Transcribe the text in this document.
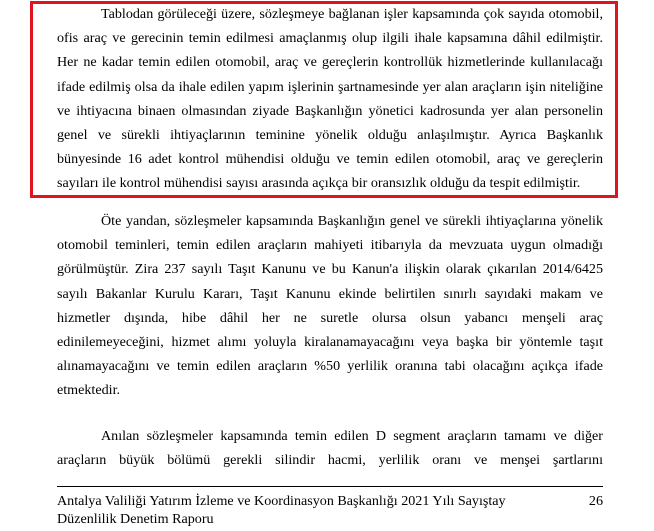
Tablodan görüleceği üzere, sözleşmeye bağlanan işler kapsamında çok sayıda otomobil,
ofis araç ve gerecinin temin edilmesi amaçlanmış olup ilgili ihale kapsamına dâhil edilmiştir.
Her ne kadar temin edilen otomobil, araç ve gereçlerin kontrollük hizmetlerinde kullanılacağı
ifade edilmiş olsa da ihale edilen yapım işlerinin şartnamesinde yer alan araçların işin niteliğine
ve ihtiyacına binaen olmasından ziyade Başkanlığın yönetici kadrosunda yer alan personelin
genel ve sürekli ihtiyaçlarının teminine yönelik olduğu anlaşılmıştır. Ayrıca Başkanlık
bünyesinde 16 adet kontrol mühendisi olduğu ve temin edilen otomobil, araç ve gereçlerin
sayıları ile kontrol mühendisi sayısı arasında açıkça bir oransızlık olduğu da tespit edilmiştir.
Öte yandan, sözleşmeler kapsamında Başkanlığın genel ve sürekli ihtiyaçlarına yönelik
otomobil teminleri, temin edilen araçların mahiyeti itibarıyla da mevzuata uygun olmadığı
görülmüştür. Zira 237 sayılı Taşıt Kanunu ve bu Kanun'a ilişkin olarak çıkarılan 2014/6425
sayılı Bakanlar Kurulu Kararı, Taşıt Kanunu ekinde belirtilen sınırlı sayıdaki makam ve
hizmetler dışında, hibe dâhil her ne suretle olursa olsun yabancı menşeli araç
edinilemeyeceğini, hizmet alımı yoluyla kiralanamayacağını veya başka bir yöntemle taşıt
alınamayacağını ve temin edilen araçların %50 yerlilik oranına tabi olacağını açıkça ifade
etmektedir.
Anılan sözleşmeler kapsamında temin edilen D segment araçların tamamı ve diğer
araçların büyük bölümü gerekli silindir hacmi, yerlilik oranı ve menşei şartlarını
Antalya Valiliği Yatırım İzleme ve Koordinasyon Başkanlığı 2021 Yılı Sayıştay
Düzenlilik Denetim Raporu
26
